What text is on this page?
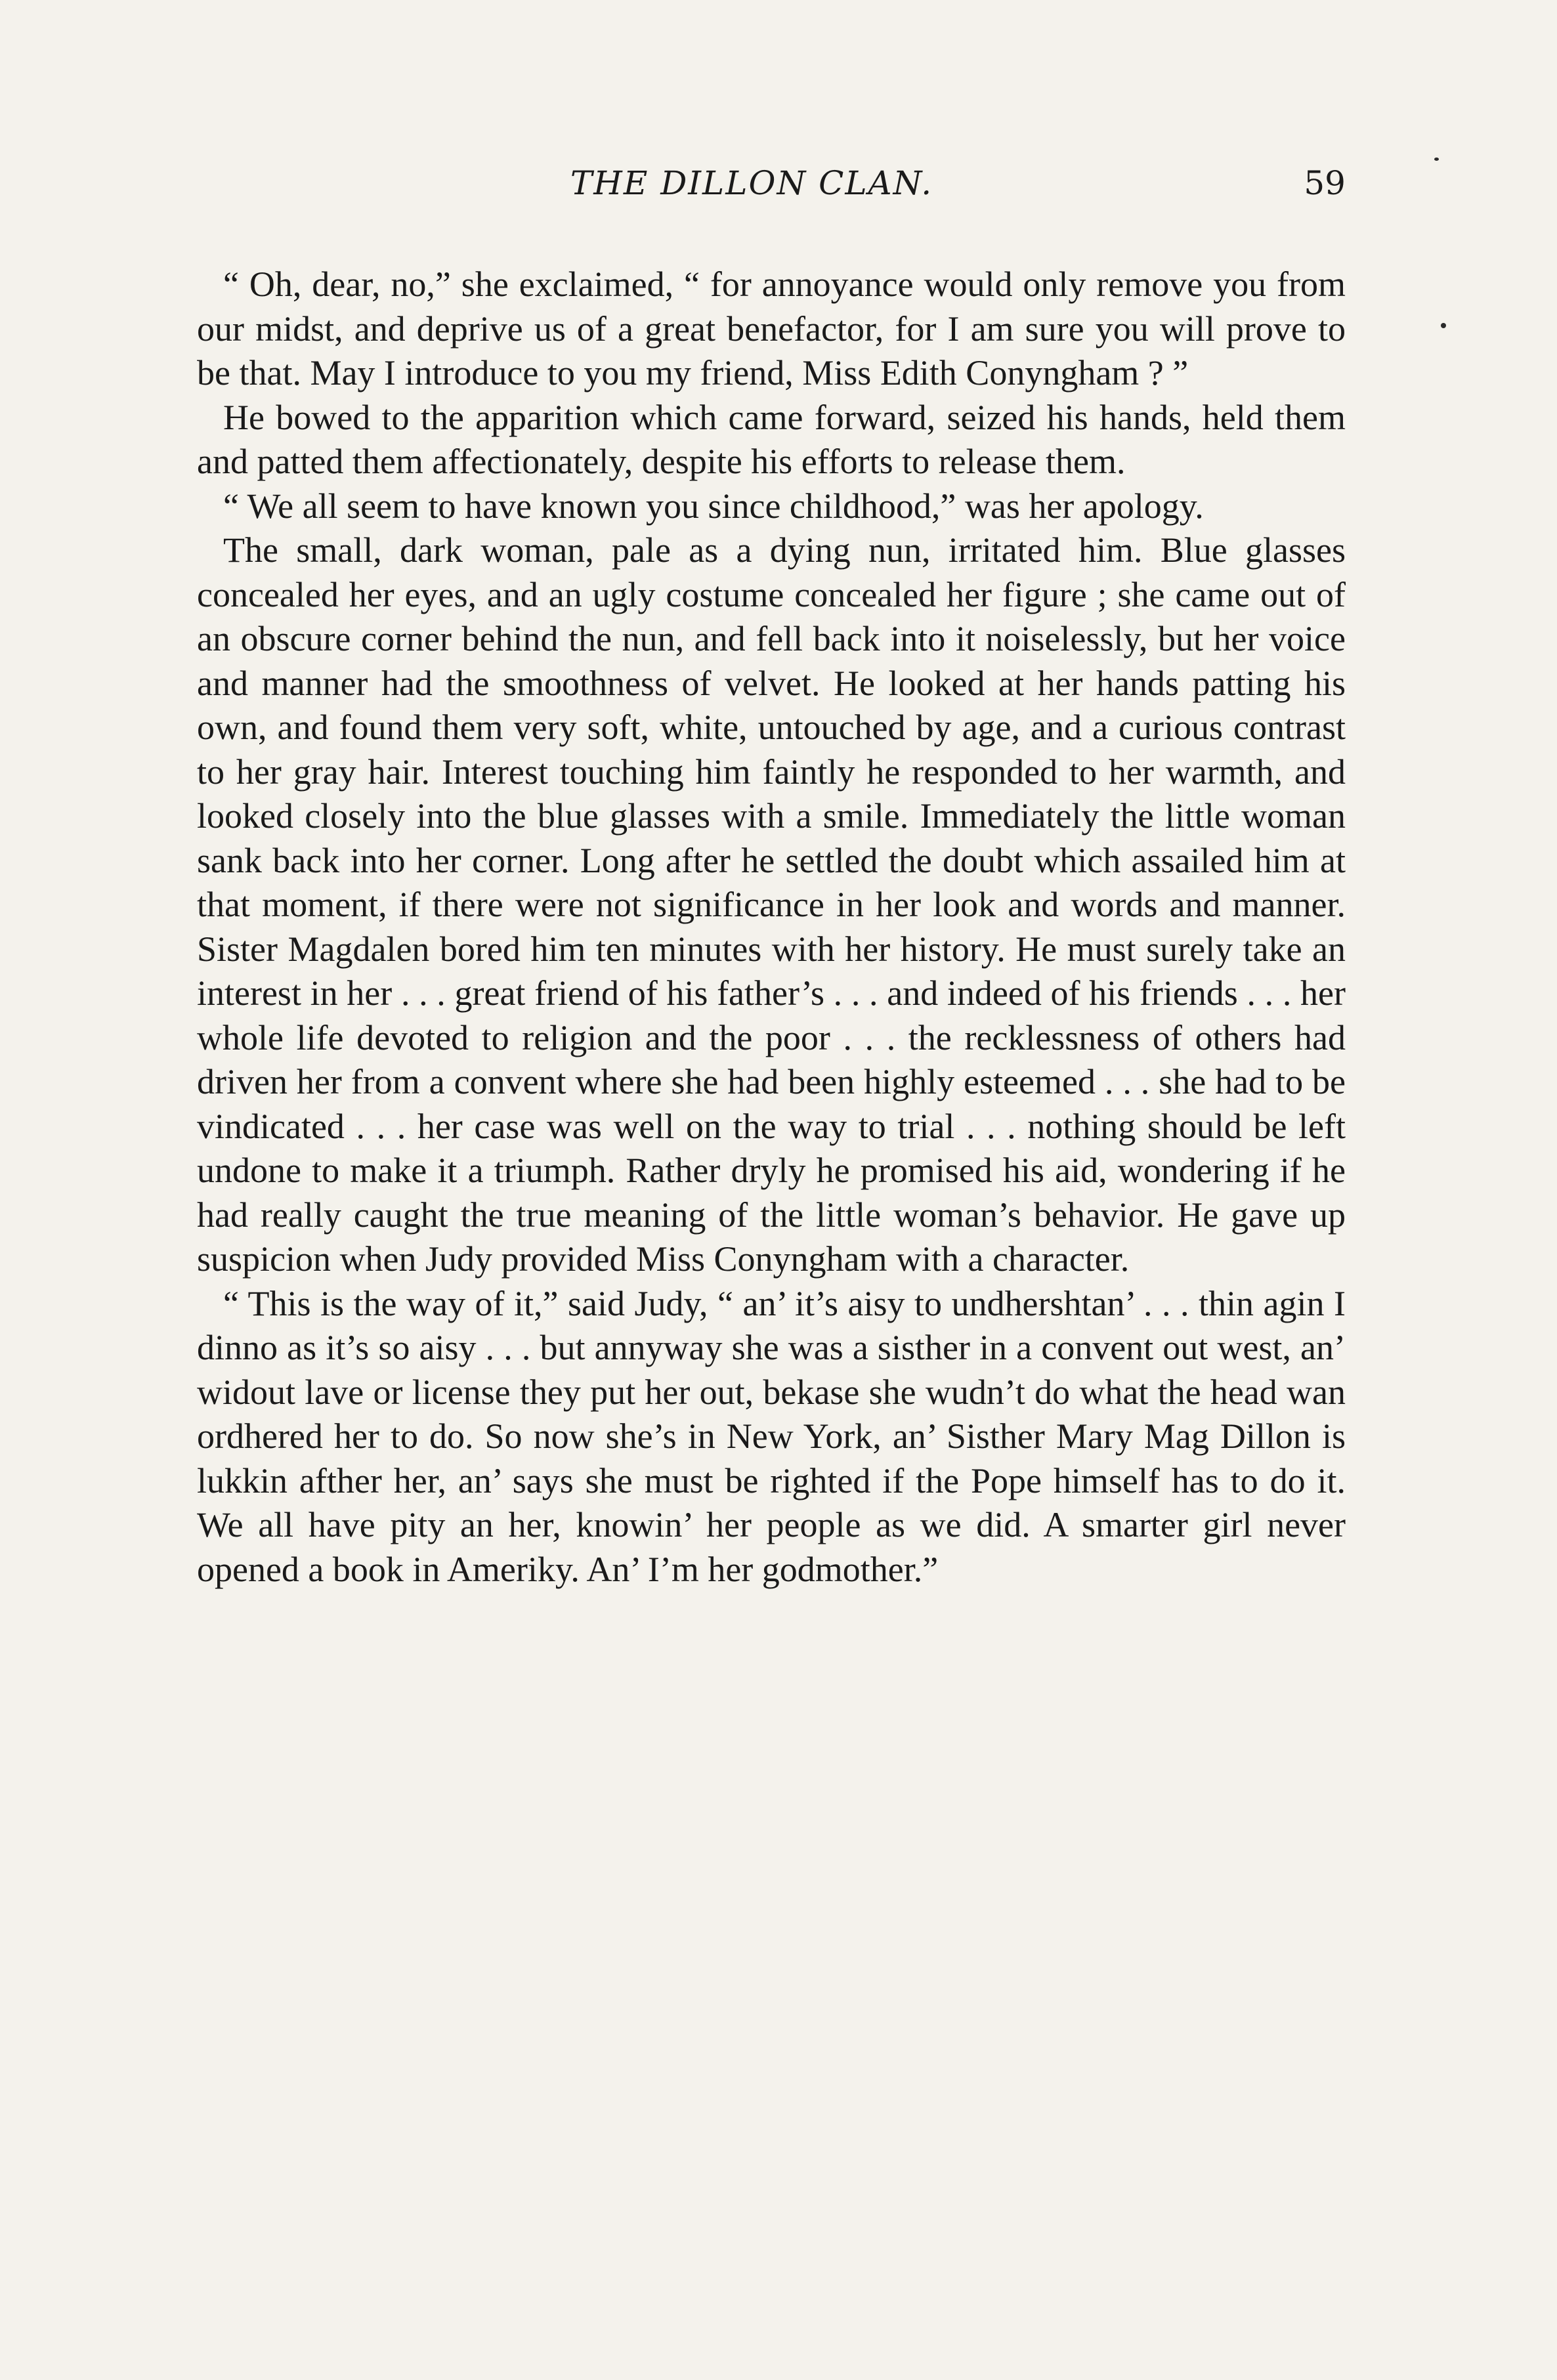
THE DILLON CLAN.	59

“ Oh, dear, no,” she exclaimed, “ for annoyance would only remove you from our midst, and deprive us of a great benefactor, for I am sure you will prove to be that. May I introduce to you my friend, Miss Edith Conyngham ? ”

He bowed to the apparition which came forward, seized his hands, held them and patted them affectionately, despite his efforts to release them.

“ We all seem to have known you since childhood,” was her apology.

The small, dark woman, pale as a dying nun, irritated him. Blue glasses concealed her eyes, and an ugly costume concealed her figure ; she came out of an obscure corner behind the nun, and fell back into it noiselessly, but her voice and manner had the smoothness of velvet. He looked at her hands patting his own, and found them very soft, white, untouched by age, and a curious contrast to her gray hair. Interest touching him faintly he responded to her warmth, and looked closely into the blue glasses with a smile. Immediately the little woman sank back into her corner. Long after he settled the doubt which assailed him at that moment, if there were not significance in her look and words and manner. Sister Magdalen bored him ten minutes with her history. He must surely take an interest in her . . . great friend of his father’s . . . and indeed of his friends . . . her whole life devoted to religion and the poor . . . the recklessness of others had driven her from a convent where she had been highly esteemed . . . she had to be vindicated . . . her case was well on the way to trial . . . nothing should be left undone to make it a triumph. Rather dryly he promised his aid, wondering if he had really caught the true meaning of the little woman’s behavior. He gave up suspicion when Judy provided Miss Conyngham with a character.

“ This is the way of it,” said Judy, “ an’ it’s aisy to undhershtan’ . . . thin agin I dinno as it’s so aisy . . . but annyway she was a sisther in a convent out west, an’ widout lave or license they put her out, bekase she wudn’t do what the head wan ordhered her to do. So now she’s in New York, an’ Sisther Mary Mag Dillon is lukkin afther her, an’ says she must be righted if the Pope himself has to do it. We all have pity an her, knowin’ her people as we did. A smarter girl never opened a book in Ameriky. An’ I’m her godmother.”
